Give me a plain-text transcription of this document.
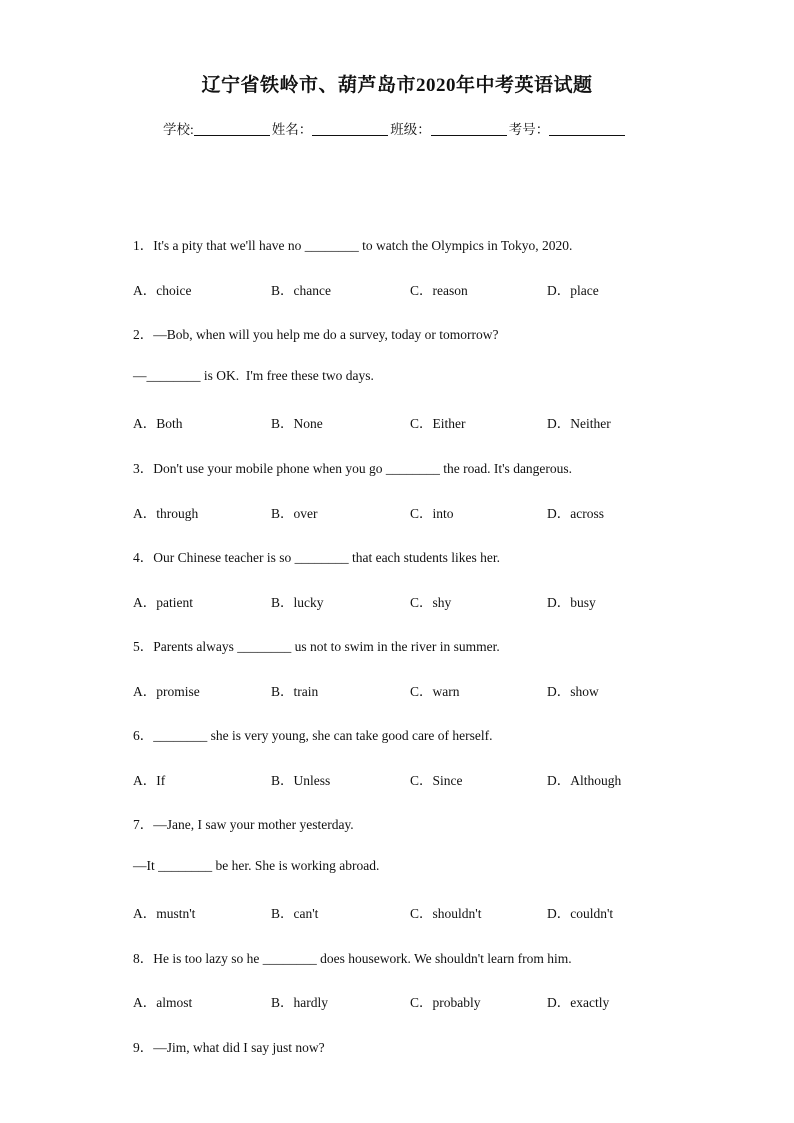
辽宁省铁岭市、葫芦岛市2020年中考英语试题
学校:	姓名：	班级：	考号：
1．It's a pity that we'll have no ________ to watch the Olympics in Tokyo, 2020.
A．choice	B．chance	C．reason	D．place
2．—Bob, when will you help me do a survey, today or tomorrow?
—________ is OK.  I'm free these two days.
A．Both	B．None	C．Either	D．Neither
3．Don't use your mobile phone when you go ________ the road. It's dangerous.
A．through	B．over	C．into	D．across
4．Our Chinese teacher is so ________ that each students likes her.
A．patient	B．lucky	C．shy	D．busy
5．Parents always ________ us not to swim in the river in summer.
A．promise	B．train	C．warn	D．show
6．________ she is very young, she can take good care of herself.
A．If	B．Unless	C．Since	D．Although
7．—Jane, I saw your mother yesterday.
—It ________ be her. She is working abroad.
A．mustn't	B．can't	C．shouldn't	D．couldn't
8．He is too lazy so he ________ does housework. We shouldn't learn from him.
A．almost	B．hardly	C．probably	D．exactly
9．—Jim, what did I say just now?
